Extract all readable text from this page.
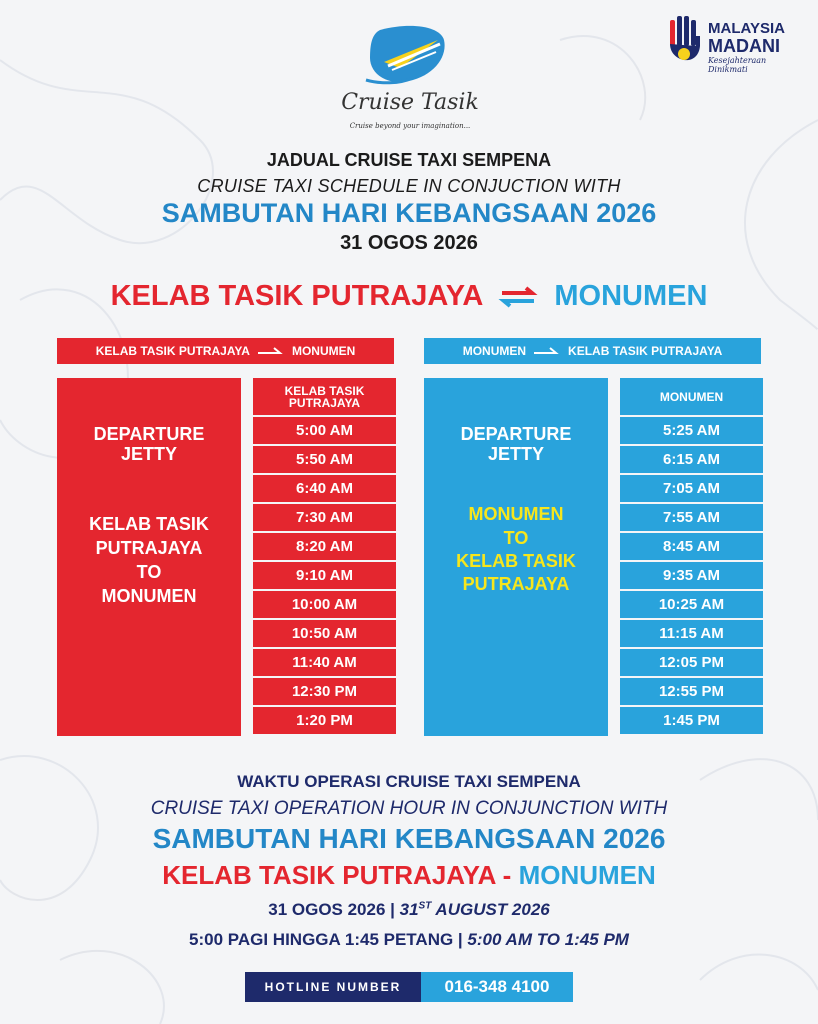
Cruise Tasik
Cruise beyond your imagination...
MALAYSIA
MADANI
Kesejahteraan Dinikmati
JADUAL CRUISE TAXI SEMPENA
CRUISE TAXI SCHEDULE IN CONJUCTION WITH
SAMBUTAN HARI KEBANGSAAN 2026
31 OGOS 2026
KELAB TASIK PUTRAJAYA MONUMEN
KELAB TASIK PUTRAJAYA	MONUMEN	MONUMEN	KELAB TASIK PUTRAJAYA
DEPARTURE
JETTY
KELAB TASIK
PUTRAJAYA
TO
MONUMEN
KELAB TASIK
PUTRAJAYA
5:00 AM
5:50 AM
6:40 AM
7:30 AM
8:20 AM
9:10 AM
10:00 AM
10:50 AM
11:40 AM
12:30 PM
1:20 PM
DEPARTURE
JETTY
MONUMEN
TO
KELAB TASIK
PUTRAJAYA
MONUMEN
5:25 AM
6:15 AM
7:05 AM
7:55 AM
8:45 AM
9:35 AM
10:25 AM
11:15 AM
12:05 PM
12:55 PM
1:45 PM
WAKTU OPERASI CRUISE TAXI SEMPENA
CRUISE TAXI OPERATION HOUR IN CONJUNCTION WITH
SAMBUTAN HARI KEBANGSAAN 2026
KELAB TASIK PUTRAJAYA - MONUMEN
31 OGOS 2026 | 31ST AUGUST 2026
5:00 PAGI HINGGA 1:45 PETANG | 5:00 AM TO 1:45 PM
HOTLINE NUMBER	016-348 4100
